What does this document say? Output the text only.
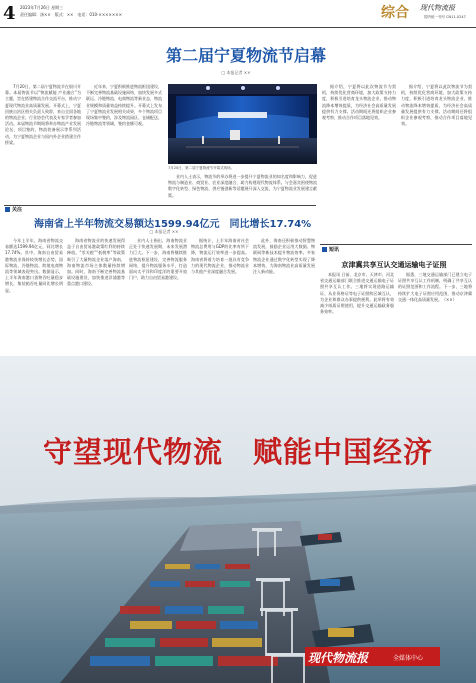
4 2023年7月26日 星期三
责任编辑：汤××　版式：××　电话：010-×××××××	综合	现代物流报
国内统一刊号 CN11-0247
第二届宁夏物流节启幕
□ 本报记者 ××

7月20日，第二届宁夏物流节在银川开幕。本届物流节以“物流赋能 产业融合”为主题，旨在搭建物流合作交流平台，推动宁夏现代物流业高质量发展。开幕式上，宁夏回族自治区相关负责人致辞，来自全国各地的物流企业、行业协会代表及专家学者参加活动。本届物流节期间将举办物流产业发展论坛、项目签约、物流装备展示等系列活动，为宁夏物流企业与国内外企业搭建合作桥梁。

近年来，宁夏积极推进物流枢纽建设，不断完善物流基础设施网络，加快发展多式联运、冷链物流、电商物流等新业态，物流业规模和质量效益持续提升。开幕式上发布了宁夏物流业发展相关成果，多个物流项目现场集中签约，涉及物流园区、仓储配送、冷链物流等领域，签约金额可观。

7月20日，第二届宁夏物流节开幕式现场。

业内人士表示，物流节的举办将进一步提升宁夏物流业的知名度和影响力，促进物流与制造业、商贸业、农业深度融合，助力构建现代物流体系。与会嘉宾围绕物流数字化转型、绿色物流、供应链创新等话题展开深入交流，为宁夏物流业发展建言献策。

据介绍，宁夏将以此次物流节为契机，持续优化营商环境，加大政策支持力度，积极引进培育龙头物流企业，推动物流降本增效提质，为经济社会高质量发展提供有力支撑。活动期间还将组织企业参观考察，推动合作项目落地见效。

关注
海南省上半年物流交易额达1599.94亿元　同比增长17.74%
□ 本报记者 ××

今年上半年，海南省物流交易额达1599.94亿元，同比增长17.74%。其中，海南自由贸易港物流业保持较快增长态势，国际物流、冷链物流、跨境电商物流等领域表现突出。数据显示，上半年海南港口货物吞吐量稳步增长，集装箱吞吐量同比增长明显。

海南省物流业的快速发展得益于自由贸易港政策红利的持续释放。“零关税”“低税率”等政策吸引了大量物流企业落户海南，海南物流市场主体数量持续增加。同时，海南不断完善物流基础设施建设，加快推进洋浦港等重点港口建设。

业内人士指出，海南物流业正处于快速发展期，未来发展潜力巨大。下一步，海南将继续推进物流枢纽建设，完善物流服务网络，提升物流服务水平，打造面向太平洋和印度洋的重要开放门户，助力自由贸易港建设。

据统计，上半年海南省社会物流总费用与GDP的比率有所下降，物流运行效率进一步提高。海南省将着力培育一批具有竞争力的现代物流企业，推动物流业与其他产业深度融合发展。

此外，海南还积极推动智慧物流发展，鼓励企业运用大数据、物联网等新技术提升物流效率。多家物流企业通过数字化转型实现了降本增效，为海南物流业高质量发展注入新动能。

据介绍，宁夏将以此次物流节为契机，持续优化营商环境，加大政策支持力度，积极引进培育龙头物流企业，推动物流降本增效提质，为经济社会高质量发展提供有力支撑。活动期间还将组织企业参观考察，推动合作项目落地见效。

短讯
京津冀共享互认交通运输电子证照

本报讯 日前，北京市、天津市、河北省交通运输部门联合推进交通运输电子证照共享互认工作。三地将实现道路运输证、从业资格证等电子证照跨区域互认，为企业和群众办事提供便利。此举将有效减少纸质证照使用，提升交通运输政务服务效率。

据悉，三地交通运输部门已建立电子证照共享互认工作机制，明确了共享互认的证照范围和工作流程。下一步，三地将持续扩大电子证照应用范围，推动京津冀交通一体化高质量发展。（××）

守望现代物流　赋能中国经济
现代物流报	全媒体中心
